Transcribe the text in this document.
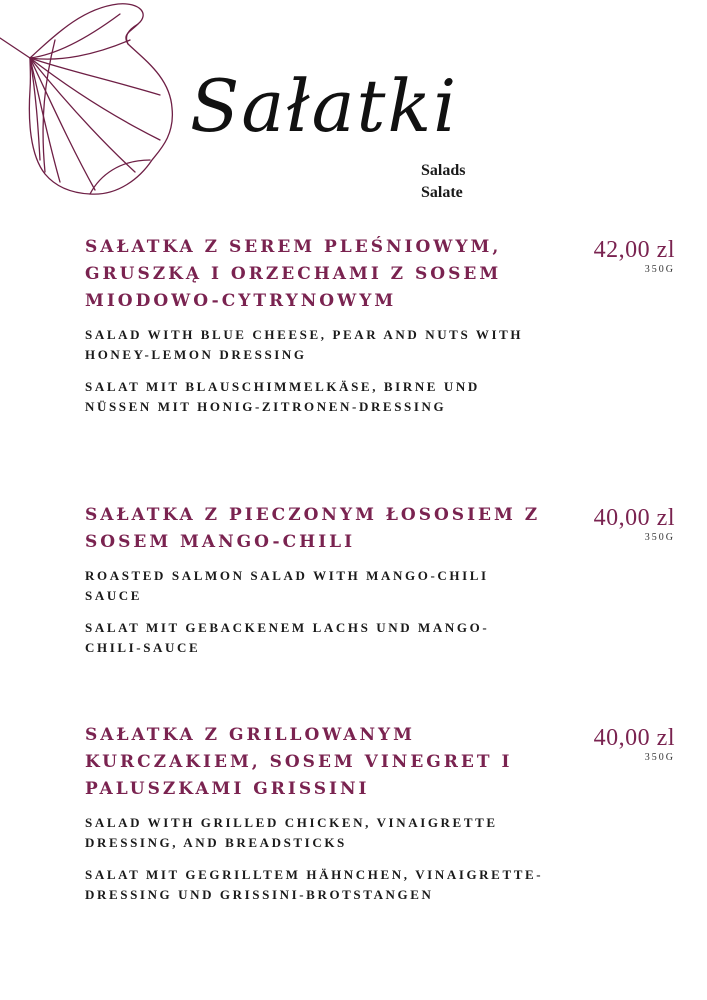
Sałatki
Salads
Salate
SAŁATKA Z SEREM PLEŚNIOWYM, GRUSZKĄ I ORZECHAMI Z SOSEM MIODOWO-CYTRYNOWYM
SALAD WITH BLUE CHEESE, PEAR AND NUTS WITH HONEY-LEMON DRESSING
SALAT MIT BLAUSCHIMMELKÄSE, BIRNE UND NÜSSEN MIT HONIG-ZITRONEN-DRESSING
42,00 zl
350G
SAŁATKA Z PIECZONYM ŁOSOSIEM Z SOSEM MANGO-CHILI
ROASTED SALMON SALAD WITH MANGO-CHILI SAUCE
SALAT MIT GEBACKENEM LACHS UND MANGO-CHILI-SAUCE
40,00 zl
350G
SAŁATKA Z GRILLOWANYM KURCZAKIEM, SOSEM VINEGRET I PALUSZKAMI GRISSINI
SALAD WITH GRILLED CHICKEN, VINAIGRETTE DRESSING, AND BREADSTICKS
SALAT MIT GEGRILLTEM HÄHNCHEN, VINAIGRETTE-DRESSING UND GRISSINI-BROTSTANGEN
40,00 zl
350G
